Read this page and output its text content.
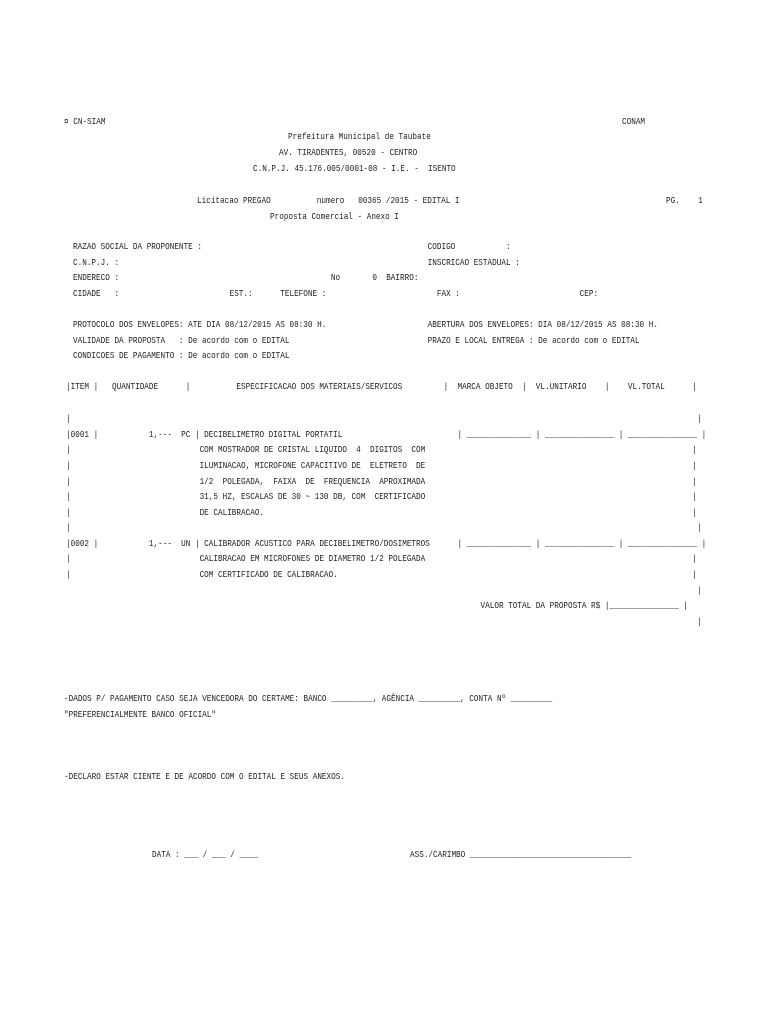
¤ CN-SIAM	CONAM
Prefeitura Municipal de Taubate
AV. TIRADENTES, 00520 - CENTRO
C.N.P.J. 45.176.005/0001-08 - I.E. -  ISENTO
Licitacao PREGAO          numero   00365 /2015 - EDITAL I	PG.    1
Proposta Comercial - Anexo I
RAZAO SOCIAL DA PROPONENTE :                                                 CODIGO           :
C.N.P.J. :                                                                   INSCRICAO ESTADUAL :
ENDERECO :                                              No       0  BAIRRO:
CIDADE   :                        EST.:      TELEFONE :                        FAX :                          CEP:
PROTOCOLO DOS ENVELOPES: ATE DIA 08/12/2015 AS 08:30 H.                      ABERTURA DOS ENVELOPES: DIA 08/12/2015 AS 08:30 H.
VALIDADE DA PROPOSTA   : De acordo com o EDITAL                              PRAZO E LOCAL ENTREGA : De acordo com o EDITAL
CONDICOES DE PAGAMENTO : De acordo com o EDITAL
|ITEM |   QUANTIDADE      |          ESPECIFICACAO DOS MATERIAIS/SERVICOS         |  MARCA OBJETO  |  VL.UNITARIO    |    VL.TOTAL      |
|                                                                                                                                        |
|0001 |           1,---  PC | DECIBELIMETRO DIGITAL PORTATIL                         | ______________ | _______________ | _______________ |
|                            COM MOSTRADOR DE CRISTAL LIQUIDO  4  DIGITOS  COM                                                          |
|                            ILUMINACAO, MICROFONE CAPACITIVO DE  ELETRETO  DE                                                          |
|                            1/2  POLEGADA,  FAIXA  DE  FREQUENCIA  APROXIMADA                                                          |
|                            31,5 HZ, ESCALAS DE 30 ~ 130 DB, COM  CERTIFICADO                                                          |
|                            DE CALIBRACAO.                                                                                             |
|                                                                                                                                        |
|0002 |           1,---  UN | CALIBRADOR ACUSTICO PARA DECIBELIMETRO/DOSIMETROS      | ______________ | _______________ | _______________ |
|                            CALIBRACAO EM MICROFONES DE DIAMETRO 1/2 POLEGADA                                                          |
|                            COM CERTIFICADO DE CALIBRACAO.                                                                             |
|
VALOR TOTAL DA PROPOSTA R$ |_______________ |
|
-DADOS P/ PAGAMENTO CASO SEJA VENCEDORA DO CERTAME: BANCO _________, AGÊNCIA _________, CONTA Nº _________
"PREFERENCIALMENTE BANCO OFICIAL"
-DECLARO ESTAR CIENTE E DE ACORDO COM O EDITAL E SEUS ANEXOS.
DATA : ___ / ___ / ____	ASS./CARIMBO ___________________________________
